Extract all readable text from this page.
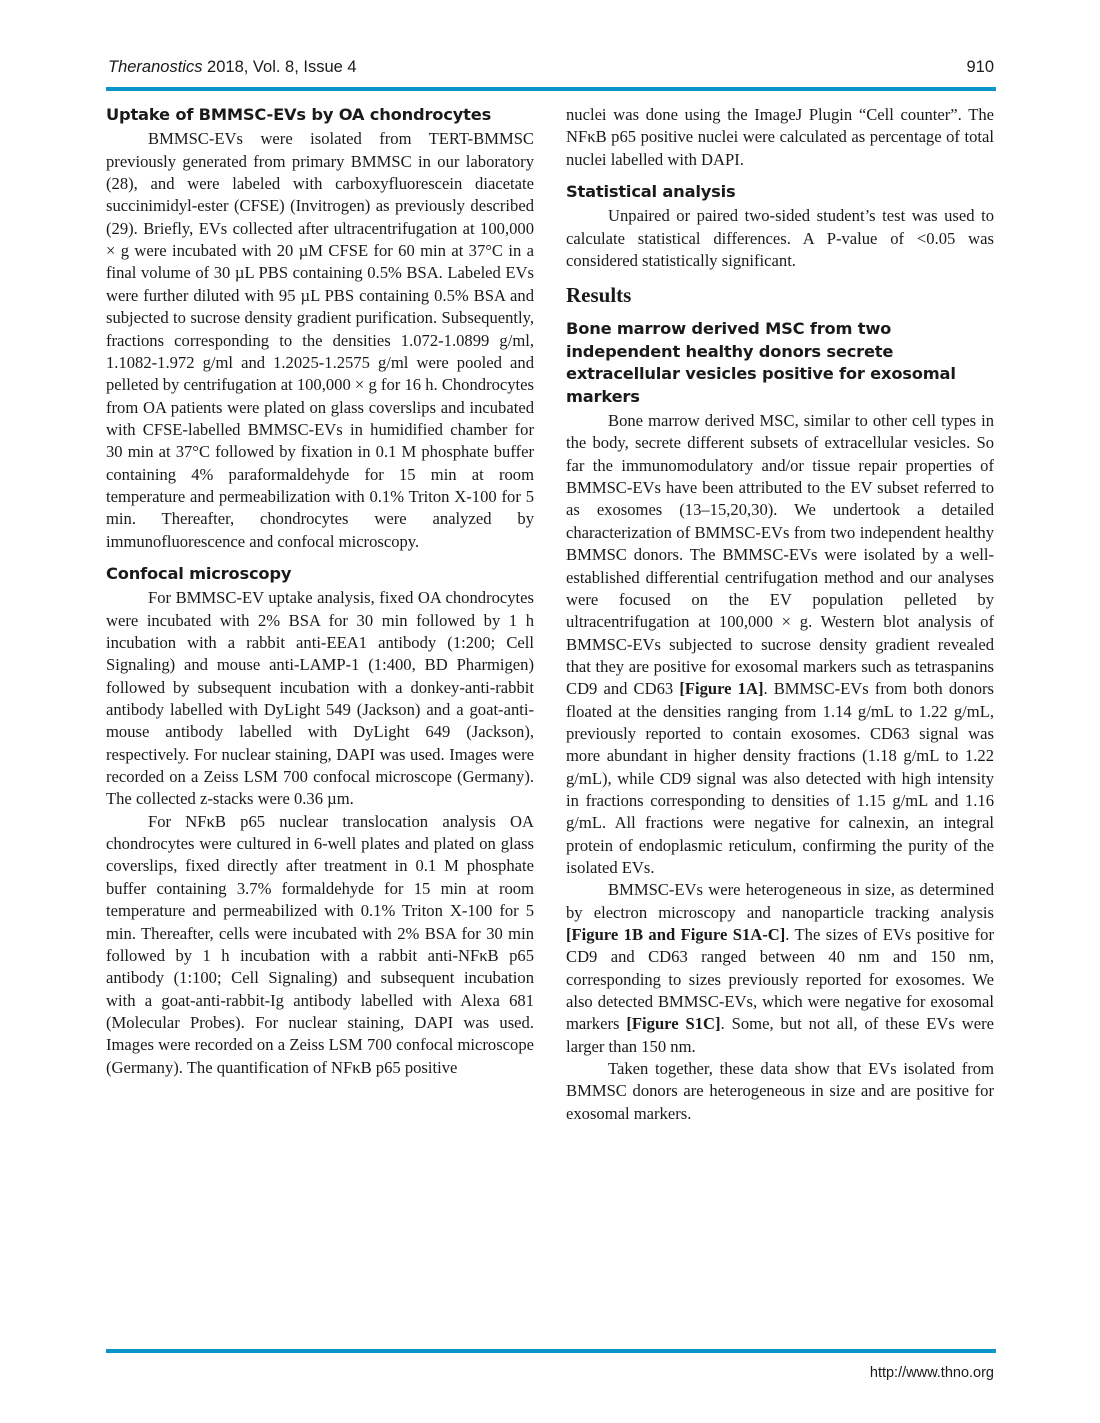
Theranostics 2018, Vol. 8, Issue 4	910
Uptake of BMMSC-EVs by OA chondrocytes

BMMSC-EVs were isolated from TERT-BMMSC previously generated from primary BMMSC in our laboratory (28), and were labeled with carboxyfluorescein diacetate succinimidyl-ester (CFSE) (Invitrogen) as previously described (29). Briefly, EVs collected after ultracentrifugation at 100,000 × g were incubated with 20 µM CFSE for 60 min at 37°C in a final volume of 30 µL PBS containing 0.5% BSA. Labeled EVs were further diluted with 95 µL PBS containing 0.5% BSA and subjected to sucrose density gradient purification. Subsequently, fractions corresponding to the densities 1.072-1.0899 g/ml, 1.1082-1.972 g/ml and 1.2025-1.2575 g/ml were pooled and pelleted by centrifugation at 100,000 × g for 16 h. Chondrocytes from OA patients were plated on glass coverslips and incubated with CFSE-labelled BMMSC-EVs in humidified chamber for 30 min at 37°C followed by fixation in 0.1 M phosphate buffer containing 4% paraformaldehyde for 15 min at room temperature and permeabilization with 0.1% Triton X-100 for 5 min. Thereafter, chondrocytes were analyzed by immunofluorescence and confocal microscopy.

Confocal microscopy

For BMMSC-EV uptake analysis, fixed OA chondrocytes were incubated with 2% BSA for 30 min followed by 1 h incubation with a rabbit anti-EEA1 antibody (1:200; Cell Signaling) and mouse anti-LAMP-1 (1:400, BD Pharmigen) followed by subsequent incubation with a donkey-anti-rabbit antibody labelled with DyLight 549 (Jackson) and a goat-anti-mouse antibody labelled with DyLight 649 (Jackson), respectively. For nuclear staining, DAPI was used. Images were recorded on a Zeiss LSM 700 confocal microscope (Germany). The collected z-stacks were 0.36 µm.

For NFκB p65 nuclear translocation analysis OA chondrocytes were cultured in 6-well plates and plated on glass coverslips, fixed directly after treatment in 0.1 M phosphate buffer containing 3.7% formaldehyde for 15 min at room temperature and permeabilized with 0.1% Triton X-100 for 5 min. Thereafter, cells were incubated with 2% BSA for 30 min followed by 1 h incubation with a rabbit anti-NFκB p65 antibody (1:100; Cell Signaling) and subsequent incubation with a goat-anti-rabbit-Ig antibody labelled with Alexa 681 (Molecular Probes). For nuclear staining, DAPI was used. Images were recorded on a Zeiss LSM 700 confocal microscope (Germany). The quantification of NFκB p65 positive

nuclei was done using the ImageJ Plugin “Cell counter”. The NFκB p65 positive nuclei were calculated as percentage of total nuclei labelled with DAPI.

Statistical analysis

Unpaired or paired two-sided student’s test was used to calculate statistical differences. A P-value of <0.05 was considered statistically significant.

Results
Bone marrow derived MSC from two independent healthy donors secrete extracellular vesicles positive for exosomal markers

Bone marrow derived MSC, similar to other cell types in the body, secrete different subsets of extracellular vesicles. So far the immunomodulatory and/or tissue repair properties of BMMSC-EVs have been attributed to the EV subset referred to as exosomes (13–15,20,30). We undertook a detailed characterization of BMMSC-EVs from two independent healthy BMMSC donors. The BMMSC-EVs were isolated by a well-established differential centrifugation method and our analyses were focused on the EV population pelleted by ultracentrifugation at 100,000 × g. Western blot analysis of BMMSC-EVs subjected to sucrose density gradient revealed that they are positive for exosomal markers such as tetraspanins CD9 and CD63 [Figure 1A]. BMMSC-EVs from both donors floated at the densities ranging from 1.14 g/mL to 1.22 g/mL, previously reported to contain exosomes. CD63 signal was more abundant in higher density fractions (1.18 g/mL to 1.22 g/mL), while CD9 signal was also detected with high intensity in fractions corresponding to densities of 1.15 g/mL and 1.16 g/mL. All fractions were negative for calnexin, an integral protein of endoplasmic reticulum, confirming the purity of the isolated EVs.

BMMSC-EVs were heterogeneous in size, as determined by electron microscopy and nanoparticle tracking analysis [Figure 1B and Figure S1A-C]. The sizes of EVs positive for CD9 and CD63 ranged between 40 nm and 150 nm, corresponding to sizes previously reported for exosomes. We also detected BMMSC-EVs, which were negative for exosomal markers [Figure S1C]. Some, but not all, of these EVs were larger than 150 nm.

Taken together, these data show that EVs isolated from BMMSC donors are heterogeneous in size and are positive for exosomal markers.

http://www.thno.org
